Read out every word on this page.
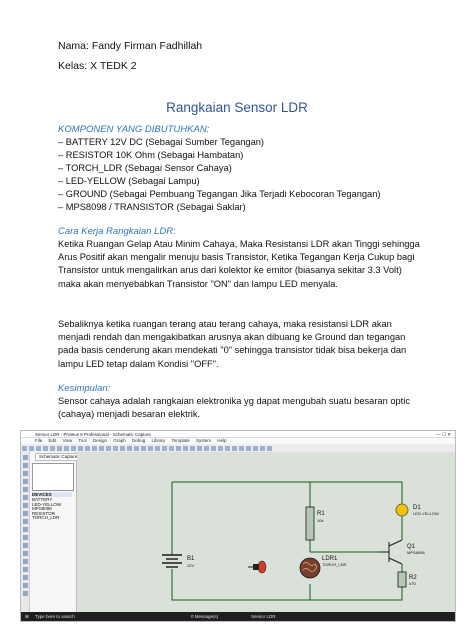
Nama: Fandy Firman Fadhillah
Kelas: X TEDK 2
Rangkaian Sensor LDR
KOMPONEN YANG DIBUTUHKAN:
– BATTERY 12V DC (Sebagai Sumber Tegangan)
– RESISTOR 10K Ohm (Sebagai Hambatan)
– TORCH_LDR (Sebagai Sensor Cahaya)
– LED-YELLOW (Sebagai Lampu)
– GROUND (Sebagai Pembuang Tegangan Jika Terjadi Kebocoran Tegangan)
– MPS8098 / TRANSISTOR (Sebagai Saklar)
Cara Kerja Rangkaian LDR:

Ketika Ruangan Gelap Atau Minim Cahaya, Maka Resistansi LDR akan Tinggi sehingga Arus Positif akan mengalir menuju basis Transistor, Ketika Tegangan Kerja Cukup bagi Transistor untuk mengalirkan arus dari kolektor ke emitor (biasanya sekitar 3.3 Volt) maka akan menyebabkan Transistor "ON" dan lampu LED menyala.

Sebaliknya ketika ruangan terang atau terang cahaya, maka resistansi LDR akan menjadi rendah dan mengakibatkan arusnya akan dibuang ke Ground dan tegangan pada basis cenderung akan mendekati "0" sehingga transistor tidak bisa bekerja dan lampu LED tetap dalam Kondisi "OFF".

Kesimpulan:

Sensor cahaya adalah rangkaian elektronika yg dapat mengubah suatu besaran optic (cahaya) menjadi besaran elektrik.

Sensor LDR - Proteus 8 Professional - Schematic Capture	— ☐ ✕
File Edit View Tool Design Graph Debug Library Template System Help
DEVICES
BATTERY
LED-YELLOW
MPS8098
RESISTOR
TORCH_LDR
Schematic Capture
B1
12V
R1
10k
D1
LED-YELLOW
Q1
MPS8098
R2
470
LDR1
TORCH_LDR
⊞ Type here to search	0 Message(s)	Sensor LDR
